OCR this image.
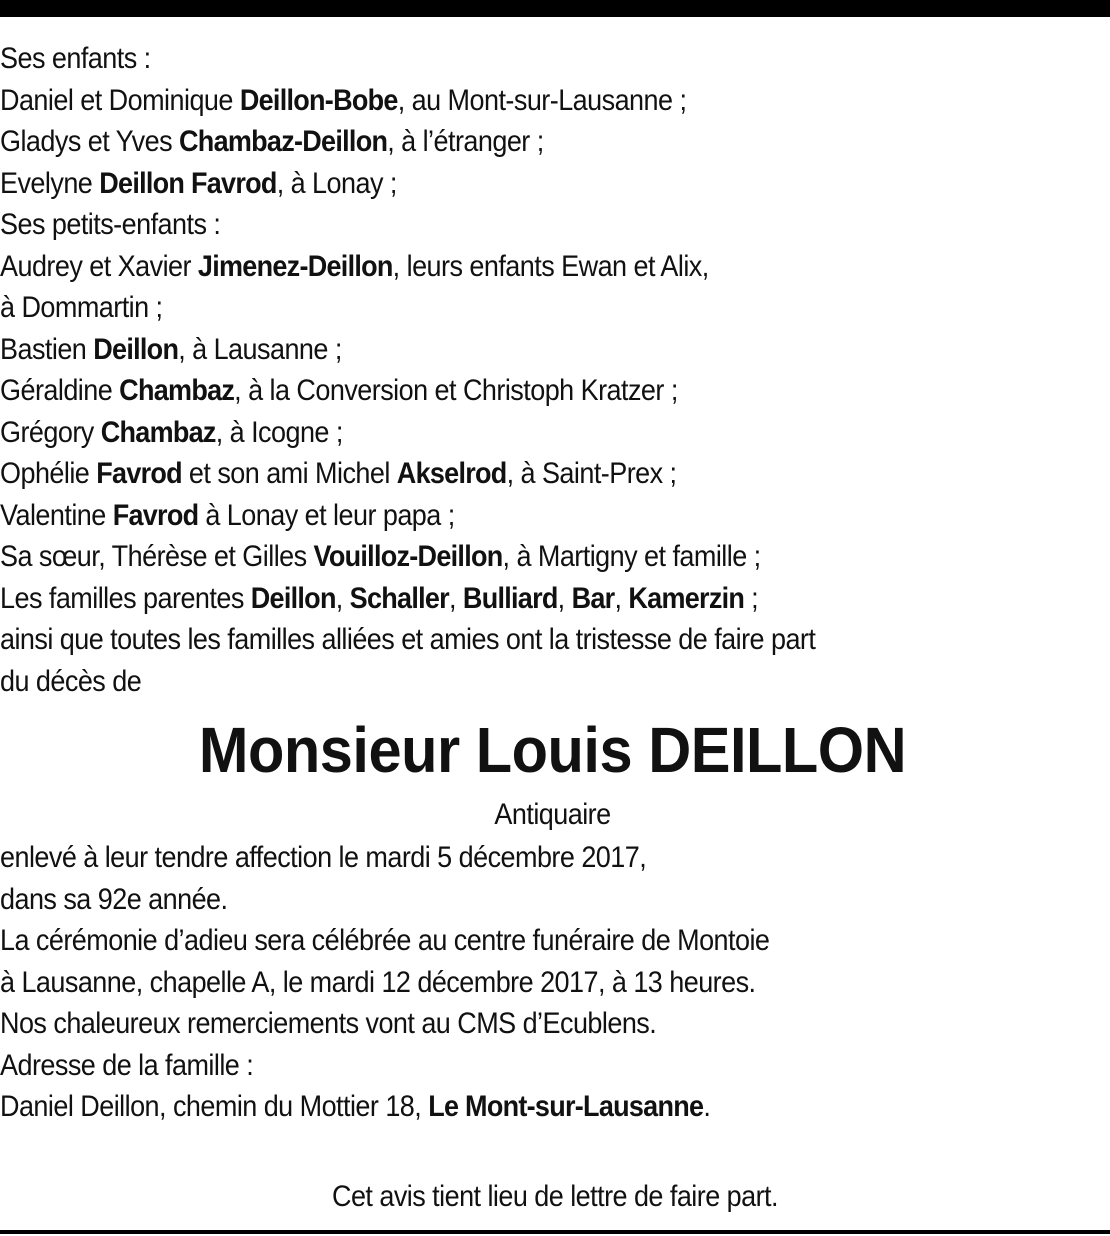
Ses enfants :
Daniel et Dominique Deillon-Bobe, au Mont-sur-Lausanne ;
Gladys et Yves Chambaz-Deillon, à l’étranger ;
Evelyne Deillon Favrod, à Lonay ;
Ses petits-enfants :
Audrey et Xavier Jimenez-Deillon, leurs enfants Ewan et Alix,
à Dommartin ;
Bastien Deillon, à Lausanne ;
Géraldine Chambaz, à la Conversion et Christoph Kratzer ;
Grégory Chambaz, à Icogne ;
Ophélie Favrod et son ami Michel Akselrod, à Saint-Prex ;
Valentine Favrod à Lonay et leur papa ;
Sa sœur, Thérèse et Gilles Vouilloz-Deillon, à Martigny et famille ;
Les familles parentes Deillon, Schaller, Bulliard, Bar, Kamerzin ;
ainsi que toutes les familles alliées et amies ont la tristesse de faire part
du décès de
Monsieur Louis DEILLON
Antiquaire
enlevé à leur tendre affection le mardi 5 décembre 2017,
dans sa 92e année.
La cérémonie d’adieu sera célébrée au centre funéraire de Montoie
à Lausanne, chapelle A, le mardi 12 décembre 2017, à 13 heures.
Nos chaleureux remerciements vont au CMS d’Ecublens.
Adresse de la famille :
Daniel Deillon, chemin du Mottier 18, Le Mont-sur-Lausanne.
Cet avis tient lieu de lettre de faire part.
